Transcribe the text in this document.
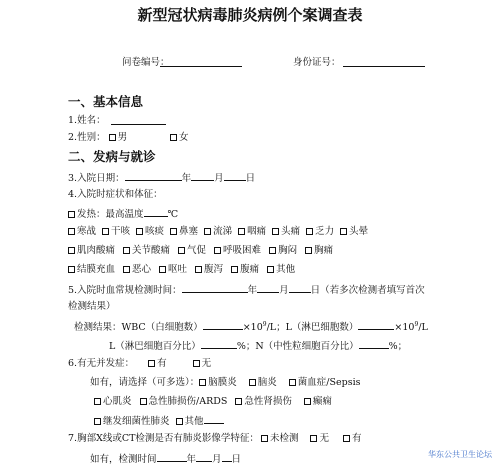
新型冠状病毒肺炎病例个案调查表
问卷编号：	身份证号：
一、基本信息
1.姓名：
2.性别： 男	女
二、发病与就诊
3.入院日期：	年 月 日
4.入院时症状和体征：
发热：最高温度	℃
寒战 干咳 咳痰 鼻塞 流涕 咽痛 头痛 乏力 头晕
肌肉酸痛 关节酸痛 气促 呼吸困难 胸闷 胸痛
结膜充血 恶心 呕吐 腹泻 腹痛 其他
5.入院时血常规检测时间：	年 月 日（若多次检测者填写首次
检测结果）
检测结果：WBC（白细胞数）	$\times 10^9/L$；L（淋巴细胞数）	$\times 10^9/L$
L（淋巴细胞百分比）	%；N（中性粒细胞百分比）	%；
6.有无并发症： 有	无
如有，请选择（可多选）： 脑膜炎 脑炎 菌血症/Sepsis
心肌炎 急性肺损伤/ARDS 急性肾损伤 癫痫
继发细菌性肺炎 其他
7.胸部X线或CT检测是否有肺炎影像学特征： 未检测 无 有
如有，检测时间	年 月 日	华东公共卫生论坛
